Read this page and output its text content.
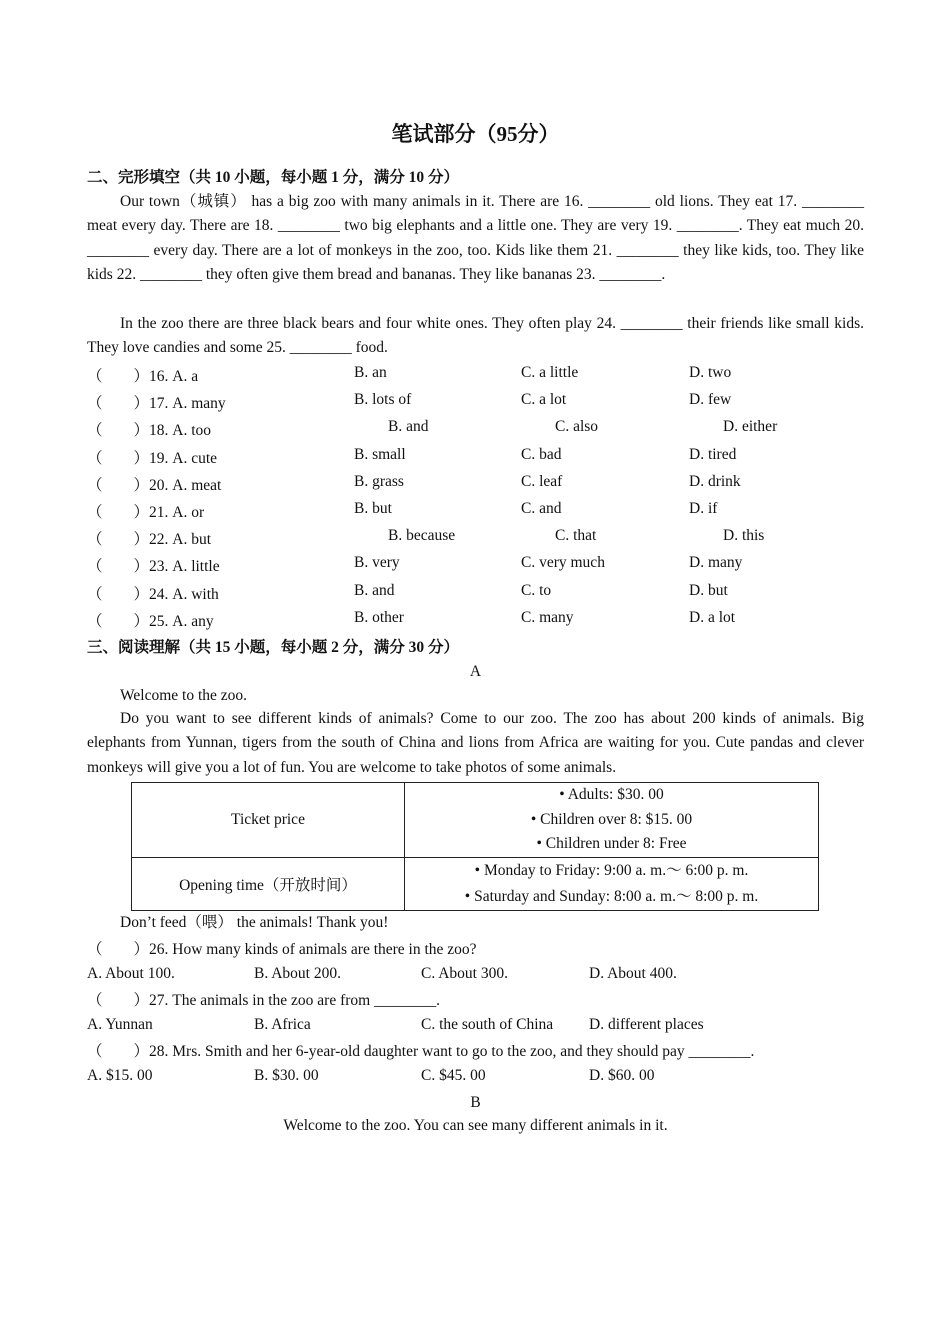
笔试部分（95分）
二、完形填空（共 10 小题，每小题 1 分，满分 10 分）
Our town（城镇） has a big zoo with many animals in it. There are 16. ________ old lions. They eat 17. ________ meat every day. There are 18. ________ two big elephants and a little one. They are very 19. ________. They eat much 20. ________ every day. There are a lot of monkeys in the zoo, too. Kids like them 21. ________ they like kids, too. They like kids 22. ________ they often give them bread and bananas. They like bananas 23. ________.
In the zoo there are three black bears and four white ones. They often play 24. ________ their friends like small kids. They love candies and some 25. ________ food.
（　　）16. A. a	B. an	C. a little	D. two
（　　）17. A. many	B. lots of	C. a lot	D. few
（　　）18. A. too	B. and	C. also	D. either
（　　）19. A. cute	B. small	C. bad	D. tired
（　　）20. A. meat	B. grass	C. leaf	D. drink
（　　）21. A. or	B. but	C. and	D. if
（　　）22. A. but	B. because	C. that	D. this
（　　）23. A. little	B. very	C. very much	D. many
（　　）24. A. with	B. and	C. to	D. but
（　　）25. A. any	B. other	C. many	D. a lot
三、阅读理解（共 15 小题，每小题 2 分，满分 30 分）
A
Welcome to the zoo.
Do you want to see different kinds of animals? Come to our zoo. The zoo has about 200 kinds of animals. Big elephants from Yunnan, tigers from the south of China and lions from Africa are waiting for you. Cute pandas and clever monkeys will give you a lot of fun. You are welcome to take photos of some animals.
Ticket price	• Adults: $30. 00
• Children over 8: $15. 00
• Children under 8: Free

Opening time（开放时间）	• Monday to Friday: 9:00 a. m.～ 6:00 p. m.
• Saturday and Sunday: 8:00 a. m.～ 8:00 p. m.
Don’t feed（喂） the animals! Thank you!
（　　）26. How many kinds of animals are there in the zoo?
A. About 100.	B. About 200.	C. About 300.	D. About 400.
（　　）27. The animals in the zoo are from ________.
A. Yunnan	B. Africa	C. the south of China D. different places
（　　）28. Mrs. Smith and her 6-year-old daughter want to go to the zoo, and they should pay ________.
A. $15. 00	B. $30. 00	C. $45. 00	D. $60. 00
B
Welcome to the zoo. You can see many different animals in it.
